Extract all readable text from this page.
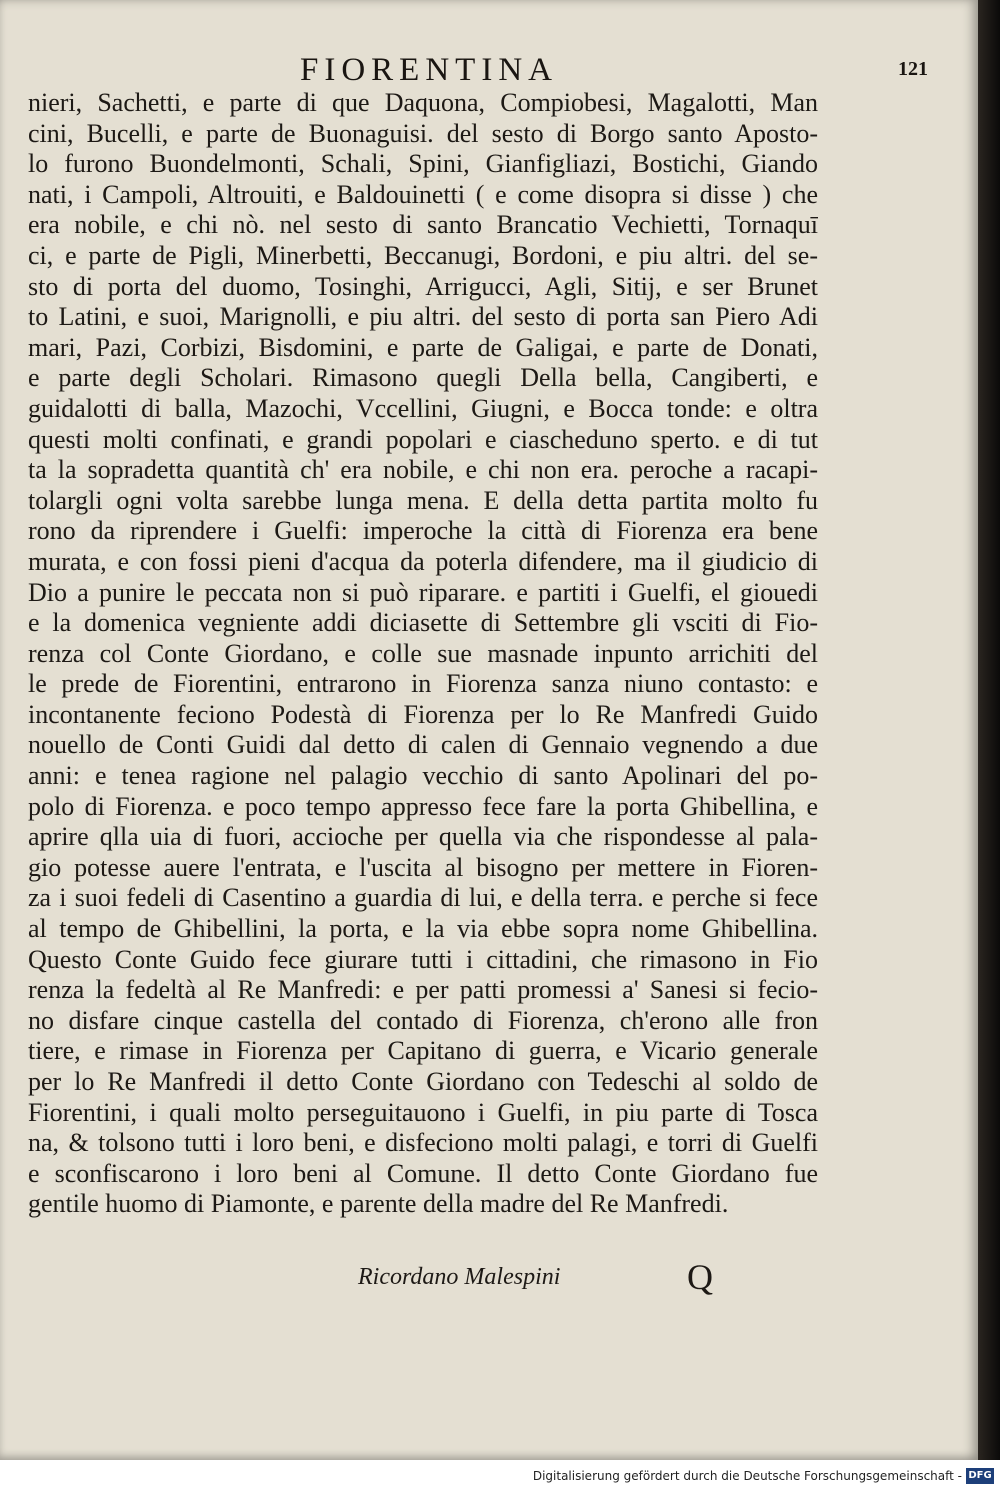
FIORENTINA	121
nieri, Sachetti, e parte di que Daquona, Compiobesi, Magalotti, Man
cini, Bucelli, e parte de Buonaguisi. del sesto di Borgo santo Aposto-
lo furono Buondelmonti, Schali, Spini, Gianfigliazi, Bostichi, Giando
nati, i Campoli, Altrouiti, e Baldouinetti ( e come disopra si disse ) che
era nobile, e chi nò. nel sesto di santo Brancatio Vechietti, Tornaquī
ci, e parte de Pigli, Minerbetti, Beccanugi, Bordoni, e piu altri. del se-
sto di porta del duomo, Tosinghi, Arrigucci, Agli, Sitij, e ser Brunet
to Latini, e suoi, Marignolli, e piu altri. del sesto di porta san Piero Adi
mari, Pazi, Corbizi, Bisdomini, e parte de Galigai, e parte de Donati,
e parte degli Scholari. Rimasono quegli Della bella, Cangiberti, e
guidalotti di balla, Mazochi, Vccellini, Giugni, e Bocca tonde: e oltra
questi molti confinati, e grandi popolari e ciascheduno sperto. e di tut
ta la sopradetta quantità ch' era nobile, e chi non era. peroche a racapi-
tolargli ogni volta sarebbe lunga mena. E della detta partita molto fu
rono da riprendere i Guelfi: imperoche la città di Fiorenza era bene
murata, e con fossi pieni d'acqua da poterla difendere, ma il giudicio di
Dio a punire le peccata non si può riparare. e partiti i Guelfi, el giouedi
e la domenica vegniente addi diciasette di Settembre gli vsciti di Fio-
renza col Conte Giordano, e colle sue masnade inpunto arrichiti del
le prede de Fiorentini, entrarono in Fiorenza sanza niuno contasto: e
incontanente feciono Podestà di Fiorenza per lo Re Manfredi Guido
nouello de Conti Guidi dal detto di calen di Gennaio vegnendo a due
anni: e tenea ragione nel palagio vecchio di santo Apolinari del po-
polo di Fiorenza. e poco tempo appresso fece fare la porta Ghibellina, e
aprire qlla uia di fuori, accioche per quella via che rispondesse al pala-
gio potesse auere l'entrata, e l'uscita al bisogno per mettere in Fioren-
za i suoi fedeli di Casentino a guardia di lui, e della terra. e perche si fece
al tempo de Ghibellini, la porta, e la via ebbe sopra nome Ghibellina.
Questo Conte Guido fece giurare tutti i cittadini, che rimasono in Fio
renza la fedeltà al Re Manfredi: e per patti promessi a' Sanesi si fecio-
no disfare cinque castella del contado di Fiorenza, ch'erono alle fron
tiere, e rimase in Fiorenza per Capitano di guerra, e Vicario generale
per lo Re Manfredi il detto Conte Giordano con Tedeschi al soldo de
Fiorentini, i quali molto perseguitauono i Guelfi, in piu parte di Tosca
na, & tolsono tutti i loro beni, e disfeciono molti palagi, e torri di Guelfi
e sconfiscarono i loro beni al Comune. Il detto Conte Giordano fue
gentile huomo di Piamonte, e parente della madre del Re Manfredi.
Ricordano Malespini	Q
Digitalisierung gefördert durch die Deutsche Forschungsgemeinschaft - DFG
